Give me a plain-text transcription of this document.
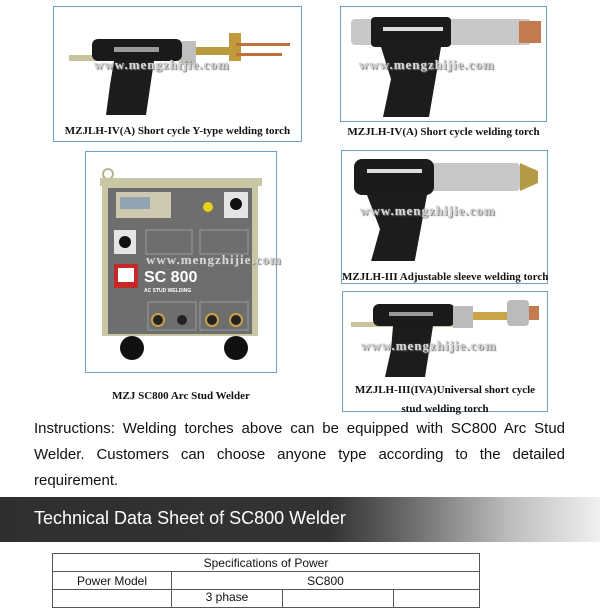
www.mengzhijie.com
MZJLH-IV(A) Short cycle Y-type welding torch
www.mengzhijie.com
MZJLH-IV(A) Short cycle welding torch
SC 800
AC STUD WELDING
www.mengzhijie.com
MZJ SC800 Arc Stud Welder
www.mengzhijie.com
MZJLH-III Adjustable sleeve welding torch
www.mengzhijie.com
MZJLH-III(IVA)Universal short cycle
stud welding torch
Instructions: Welding torches above can be equipped with SC800 Arc Stud Welder. Customers can choose anyone type according to the detailed requirement.
Technical Data Sheet of SC800 Welder
Specifications of Power			
Power Model	SC800		
	3 phase		
